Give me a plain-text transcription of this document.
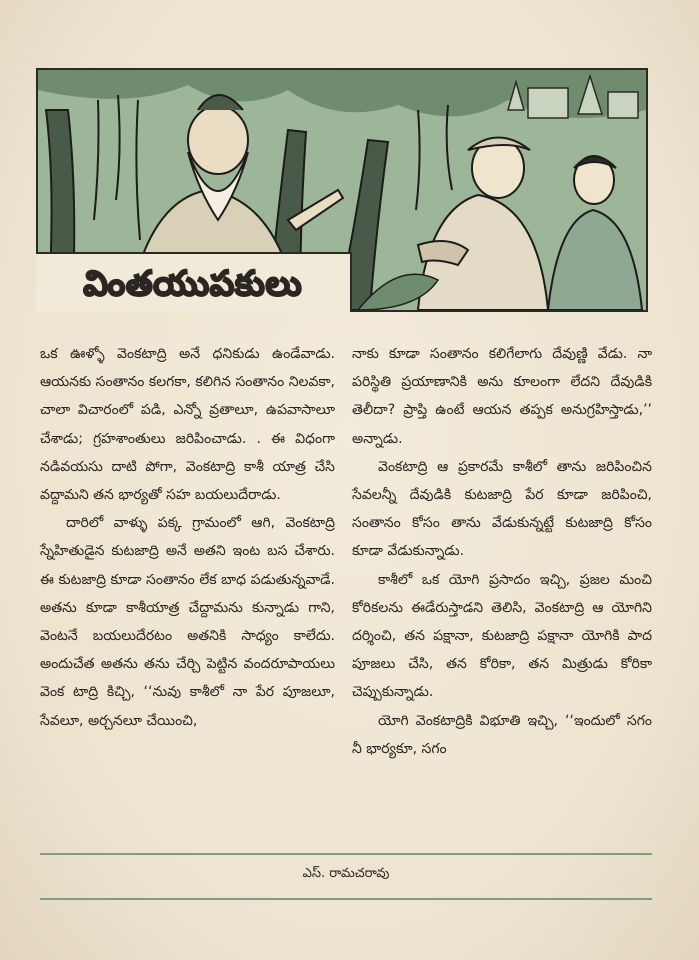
వింతయుపకులు

ఒక ఊళ్ళో వెంకటాద్రి అనే ధనికుడు ఉండేవాడు. ఆయనకు సంతానం కలగకా, కలిగిన సంతానం నిలవకా, చాలా విచారంలో పడి, ఎన్నో వ్రతాలూ, ఉపవాసాలూ చేశాడు; గ్రహశాంతులు జరిపించాడు. . ఈ విధంగా నడివయసు దాటి పోగా, వెంకటాద్రి కాశీ యాత్ర చేసి వద్దామని తన భార్యతో సహ బయలుదేరాడు.

దారిలో వాళ్ళు పక్క గ్రామంలో ఆగి, వెంకటాద్రి స్నేహితుడైన కుటజాద్రి అనే అతని ఇంట బస చేశారు. ఈ కుటజాద్రి కూడా సంతానం లేక బాధ పడుతున్నవాడే. అతను కూడా కాశీయాత్ర చేద్దామను కున్నాడు గాని, వెంటనే బయలుదేరటం అతనికి సాధ్యం కాలేదు. అందుచేత అతను తను చేర్చి పెట్టిన వందరూపాయలు వెంక టాద్రి కిచ్చి, ‘‘నువు కాశీలో నా పేర పూజలూ, సేవలూ, అర్చనలూ చేయించి,

నాకు కూడా సంతానం కలిగేలాగు దేవుణ్ణి వేడు. నా పరిస్థితి ప్రయాణానికి అను కూలంగా లేదని దేవుడికి తెలీదా? ప్రాప్తి ఉంటే ఆయన తప్పక అనుగ్రహిస్తాడు,’’ అన్నాడు.

వెంకటాద్రి ఆ ప్రకారమే కాశీలో తాను జరిపించిన సేవలన్నీ దేవుడికి కుటజాద్రి పేర కూడా జరిపించి, సంతానం కోసం తాను వేడుకున్నట్టే కుటజాద్రి కోసం కూడా వేడుకున్నాడు.

కాశీలో ఒక యోగి ప్రసాదం ఇచ్చి, ప్రజల మంచి కోరికలను ఈడేరుస్తాడని తెలిసి, వెంకటాద్రి ఆ యోగిని దర్శించి, తన పక్షానా, కుటజాద్రి పక్షానా యోగికి పాద పూజలు చేసి, తన కోరికా, తన మిత్రుడు కోరికా చెప్పుకున్నాడు.

యోగి వెంకటాద్రికి విభూతి ఇచ్చి, ‘‘ఇందులో సగం నీ భార్యకూ, సగం

ఎస్. రామచరావు
